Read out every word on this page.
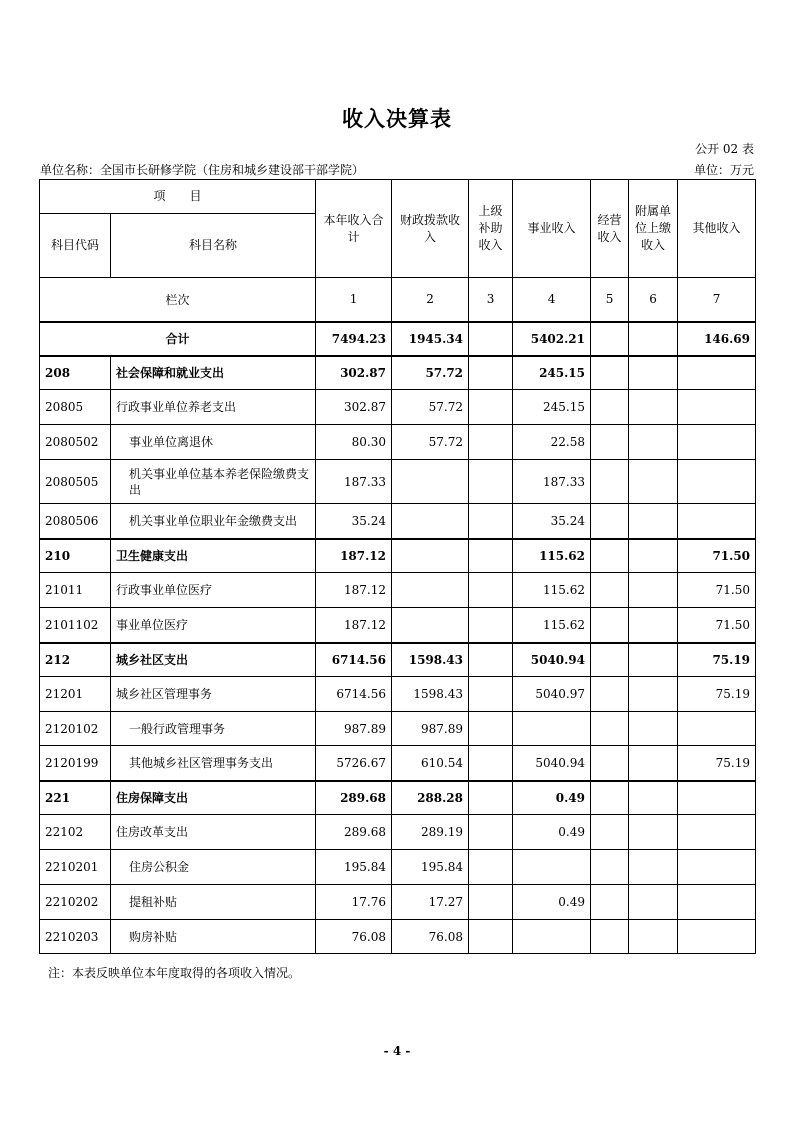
收入决算表
公开 02 表
单位名称：全国市长研修学院（住房和城乡建设部干部学院）	单位：万元
项　　目		本年收入合计	财政拨款收入	上级补助收入	事业收入	经营收入	附属单位上缴收入	其他收入
科目代码	科目名称							
栏次		1	2	3	4	5	6	7
合计		7494.23	1945.34		5402.21			146.69
208	社会保障和就业支出	302.87	57.72		245.15			
20805	行政事业单位养老支出	302.87	57.72		245.15			
2080502	事业单位离退休	80.30	57.72		22.58			
2080505	机关事业单位基本养老保险缴费支出	187.33			187.33			
2080506	机关事业单位职业年金缴费支出	35.24			35.24			
210	卫生健康支出	187.12			115.62			71.50
21011	行政事业单位医疗	187.12			115.62			71.50
2101102	事业单位医疗	187.12			115.62			71.50
212	城乡社区支出	6714.56	1598.43		5040.94			75.19
21201	城乡社区管理事务	6714.56	1598.43		5040.97			75.19
2120102	一般行政管理事务	987.89	987.89					
2120199	其他城乡社区管理事务支出	5726.67	610.54		5040.94			75.19
221	住房保障支出	289.68	288.28		0.49			
22102	住房改革支出	289.68	289.19		0.49			
2210201	住房公积金	195.84	195.84					
2210202	提租补贴	17.76	17.27		0.49			
2210203	购房补贴	76.08	76.08					
注：本表反映单位本年度取得的各项收入情况。
- 4 -
